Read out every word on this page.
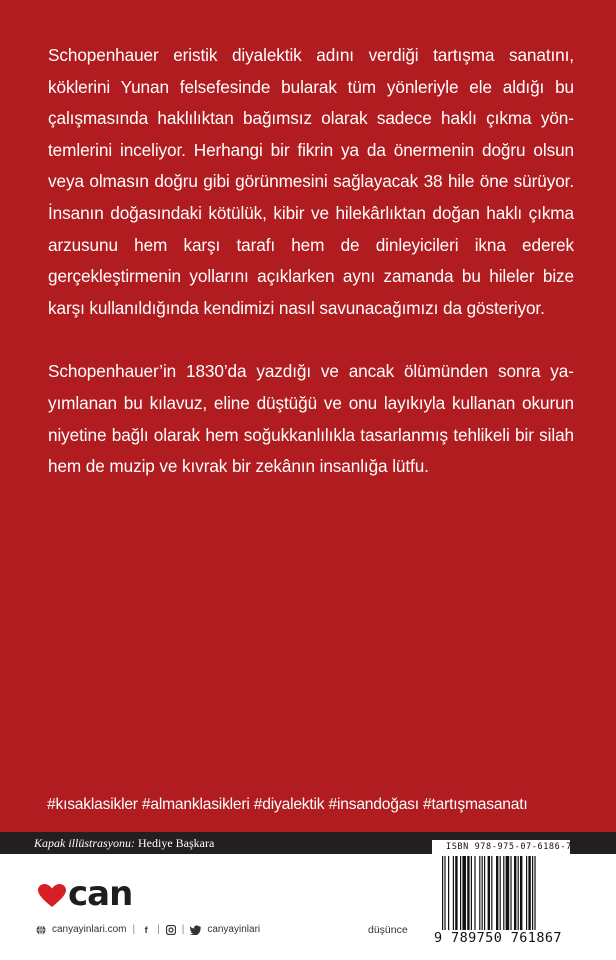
Schopenhauer eristik diyalektik adını verdiği tartışma sanatını, köklerini Yunan felsefesinde bularak tüm yönleriyle ele aldığı bu çalışmasında haklılıktan bağımsız olarak sadece haklı çıkma yöntemlerini inceliyor. Herhangi bir fikrin ya da önermenin doğru olsun veya olmasın doğru gibi görünmesini sağlayacak 38 hile öne sürüyor. İnsanın doğasındaki kötülük, kibir ve hilekârlıktan doğan haklı çıkma arzusunu hem karşı tarafı hem de dinleyicileri ikna ederek gerçekleştirmenin yollarını açıklarken aynı zamanda bu hileler bize karşı kullanıldığında kendimizi nasıl savunacağımızı da gösteriyor.

Schopenhauer’in 1830’da yazdığı ve ancak ölümünden sonra yayımlanan bu kılavuz, eline düştüğü ve onu layıkıyla kullanan okurun niyetine bağlı olarak hem soğukkanlılıkla tasarlanmış tehlikeli bir silah hem de muzip ve kıvrak bir zekânın insanlığa lütfu.

#kısaklasikler #almanklasikleri #diyalektik #insandoğası #tartışmasanatı
Kapak illüstrasyonu: Hediye Başkara
can
canyayinlari.com |	f | | canyayinlari	düşünce
ISBN 978-975-07-6186-7
9 789750 761867
